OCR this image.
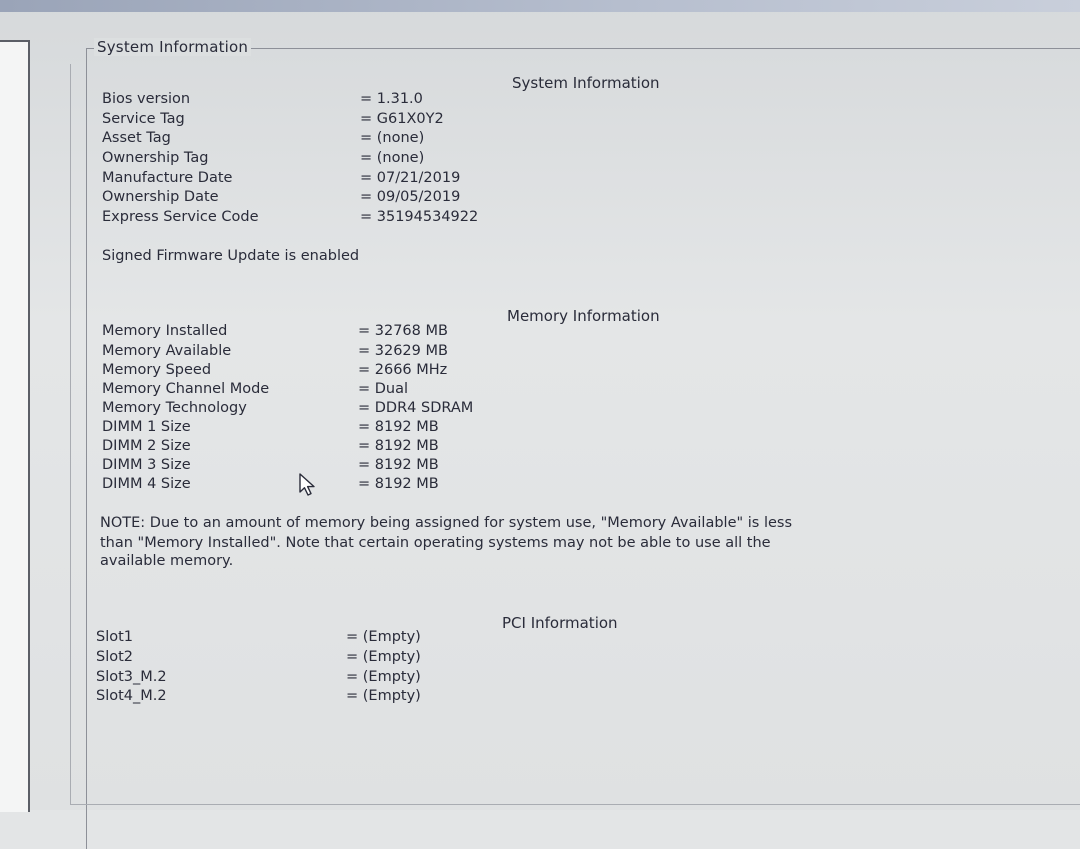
System Information
System Information
Bios version	= 1.31.0
Service Tag	= G61X0Y2
Asset Tag	= (none)
Ownership Tag	= (none)
Manufacture Date	= 07/21/2019
Ownership Date	= 09/05/2019
Express Service Code	= 35194534922
Signed Firmware Update is enabled
Memory Information
Memory Installed	= 32768 MB
Memory Available	= 32629 MB
Memory Speed	= 2666 MHz
Memory Channel Mode	= Dual
Memory Technology	= DDR4 SDRAM
DIMM 1 Size	= 8192 MB
DIMM 2 Size	= 8192 MB
DIMM 3 Size	= 8192 MB
DIMM 4 Size	= 8192 MB
NOTE: Due to an amount of memory being assigned for system use, "Memory Available" is less
than "Memory Installed". Note that certain operating systems may not be able to use all the
available memory.
PCI Information
Slot1	= (Empty)
Slot2	= (Empty)
Slot3_M.2	= (Empty)
Slot4_M.2	= (Empty)
